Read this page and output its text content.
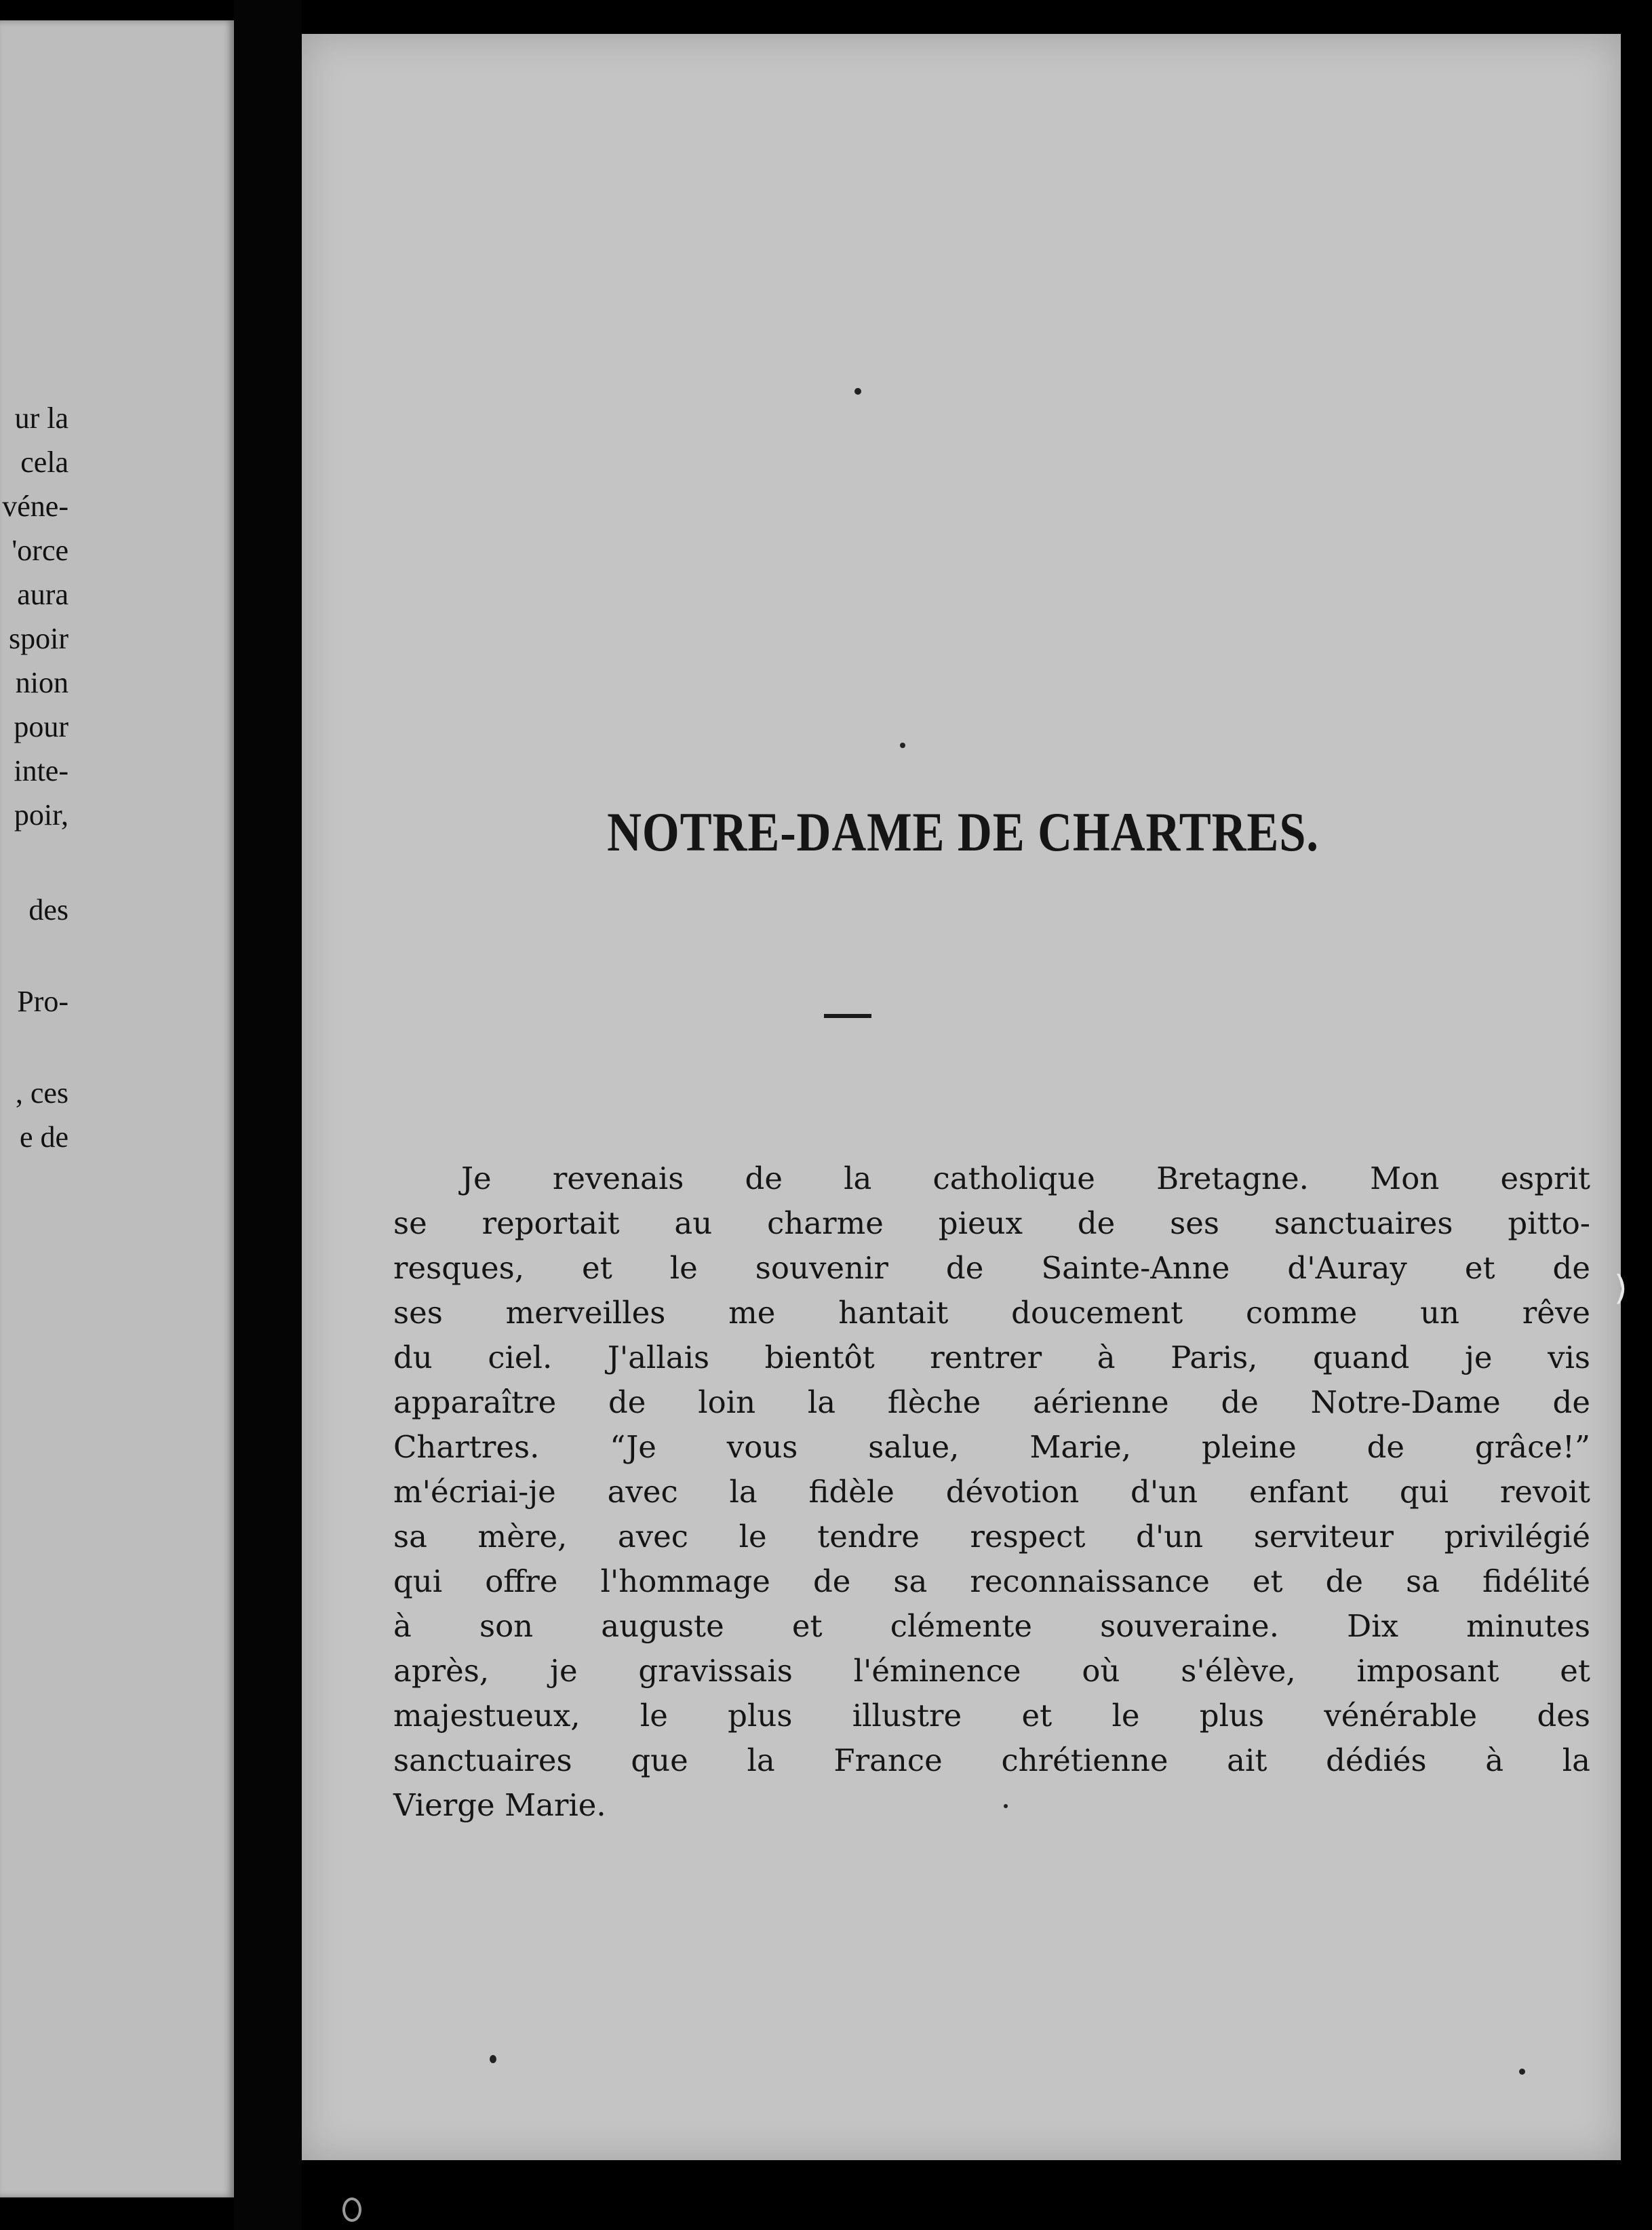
ur la

cela

véne-

'orce

aura

spoir

nion

pour

inte-

poir,

des

Pro-

, ces

e de

NOTRE-DAME DE CHARTRES.

Je revenais de la catholique Bretagne. Mon esprit
se reportait au charme pieux de ses sanctuaires pitto-
resques, et le souvenir de Sainte-Anne d'Auray et de
ses merveilles me hantait doucement comme un rêve
du ciel. J'allais bientôt rentrer à Paris, quand je vis
apparaître de loin la flèche aérienne de Notre-Dame de
Chartres. “Je vous salue, Marie, pleine de grâce!”
m'écriai-je avec la fidèle dévotion d'un enfant qui revoit
sa mère, avec le tendre respect d'un serviteur privilégié
qui offre l'hommage de sa reconnaissance et de sa fidélité
à son auguste et clémente souveraine. Dix minutes
après, je gravissais l'éminence où s'élève, imposant et
majestueux, le plus illustre et le plus vénérable des
sanctuaires que la France chrétienne ait dédiés à la
Vierge Marie.

)
